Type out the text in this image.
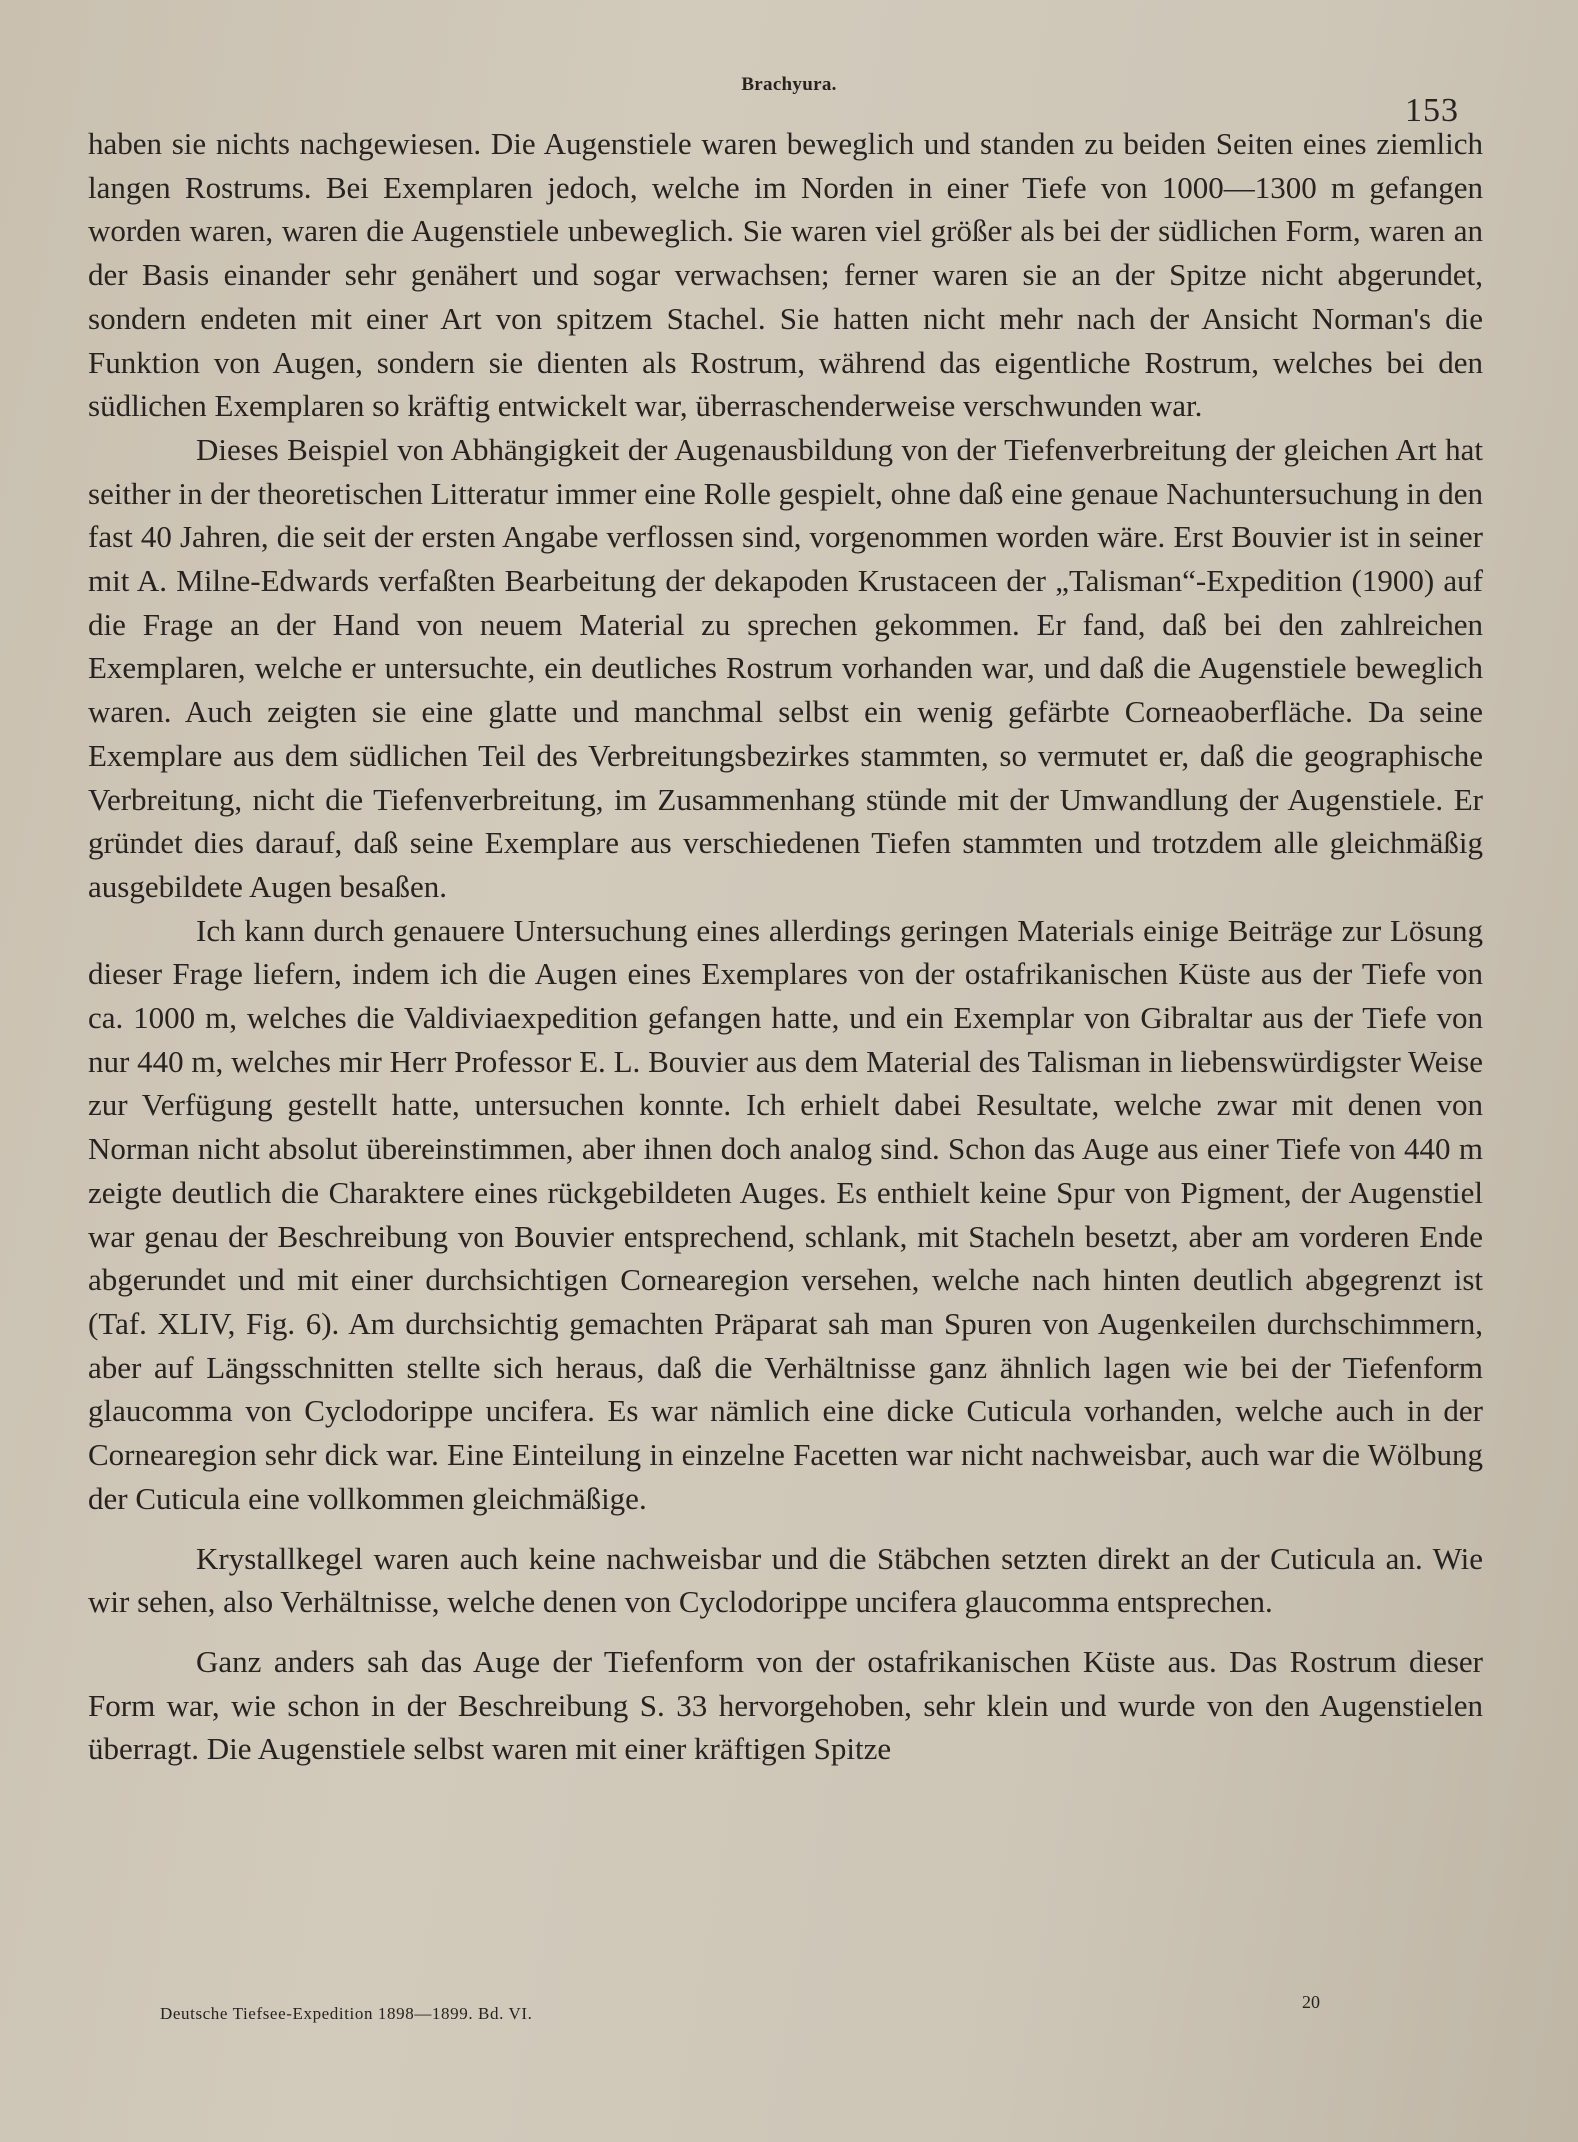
Brachyura.
153

haben sie nichts nachgewiesen. Die Augenstiele waren beweglich und standen zu beiden Seiten eines ziemlich langen Rostrums. Bei Exemplaren jedoch, welche im Norden in einer Tiefe von 1000—1300 m gefangen worden waren, waren die Augenstiele unbeweglich. Sie waren viel größer als bei der südlichen Form, waren an der Basis einander sehr genähert und sogar verwachsen; ferner waren sie an der Spitze nicht abgerundet, sondern endeten mit einer Art von spitzem Stachel. Sie hatten nicht mehr nach der Ansicht Norman's die Funktion von Augen, sondern sie dienten als Rostrum, während das eigentliche Rostrum, welches bei den südlichen Exemplaren so kräftig entwickelt war, überraschenderweise verschwunden war.

Dieses Beispiel von Abhängigkeit der Augenausbildung von der Tiefenverbreitung der gleichen Art hat seither in der theoretischen Litteratur immer eine Rolle gespielt, ohne daß eine genaue Nachuntersuchung in den fast 40 Jahren, die seit der ersten Angabe verflossen sind, vorgenommen worden wäre. Erst Bouvier ist in seiner mit A. Milne-Edwards verfaßten Bearbeitung der dekapoden Krustaceen der „Talisman“-Expedition (1900) auf die Frage an der Hand von neuem Material zu sprechen gekommen. Er fand, daß bei den zahlreichen Exemplaren, welche er untersuchte, ein deutliches Rostrum vorhanden war, und daß die Augenstiele beweglich waren. Auch zeigten sie eine glatte und manchmal selbst ein wenig gefärbte Corneaoberfläche. Da seine Exemplare aus dem südlichen Teil des Verbreitungsbezirkes stammten, so vermutet er, daß die geographische Verbreitung, nicht die Tiefenverbreitung, im Zusammenhang stünde mit der Umwandlung der Augenstiele. Er gründet dies darauf, daß seine Exemplare aus verschiedenen Tiefen stammten und trotzdem alle gleichmäßig ausgebildete Augen besaßen.

Ich kann durch genauere Untersuchung eines allerdings geringen Materials einige Beiträge zur Lösung dieser Frage liefern, indem ich die Augen eines Exemplares von der ostafrikanischen Küste aus der Tiefe von ca. 1000 m, welches die Valdiviaexpedition gefangen hatte, und ein Exemplar von Gibraltar aus der Tiefe von nur 440 m, welches mir Herr Professor E. L. Bouvier aus dem Material des Talisman in liebenswürdigster Weise zur Verfügung gestellt hatte, untersuchen konnte. Ich erhielt dabei Resultate, welche zwar mit denen von Norman nicht absolut übereinstimmen, aber ihnen doch analog sind. Schon das Auge aus einer Tiefe von 440 m zeigte deutlich die Charaktere eines rückgebildeten Auges. Es enthielt keine Spur von Pigment, der Augenstiel war genau der Beschreibung von Bouvier entsprechend, schlank, mit Stacheln besetzt, aber am vorderen Ende abgerundet und mit einer durchsichtigen Cornearegion versehen, welche nach hinten deutlich abgegrenzt ist (Taf. XLIV, Fig. 6). Am durchsichtig gemachten Präparat sah man Spuren von Augenkeilen durchschimmern, aber auf Längsschnitten stellte sich heraus, daß die Verhältnisse ganz ähnlich lagen wie bei der Tiefenform glaucomma von Cyclodorippe uncifera. Es war nämlich eine dicke Cuticula vorhanden, welche auch in der Cornearegion sehr dick war. Eine Einteilung in einzelne Facetten war nicht nachweisbar, auch war die Wölbung der Cuticula eine vollkommen gleichmäßige.

Krystallkegel waren auch keine nachweisbar und die Stäbchen setzten direkt an der Cuticula an. Wie wir sehen, also Verhältnisse, welche denen von Cyclodorippe uncifera glaucomma entsprechen.

Ganz anders sah das Auge der Tiefenform von der ostafrikanischen Küste aus. Das Rostrum dieser Form war, wie schon in der Beschreibung S. 33 hervorgehoben, sehr klein und wurde von den Augenstielen überragt. Die Augenstiele selbst waren mit einer kräftigen Spitze

Deutsche Tiefsee-Expedition 1898—1899. Bd. VI.
20
